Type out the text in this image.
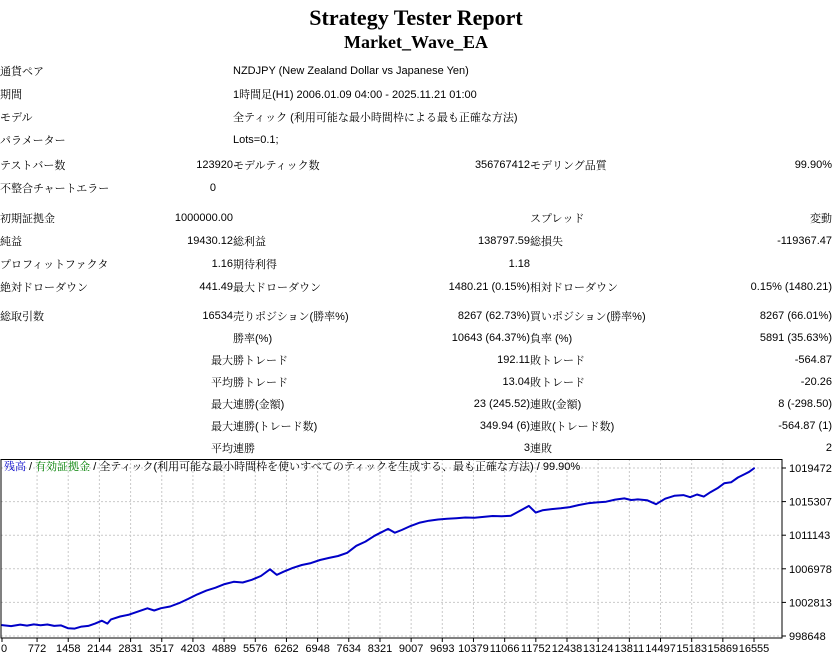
Strategy Tester Report
Market_Wave_EA
通貨ペア		NZDJPY (New Zealand Dollar vs Japanese Yen)			
期間		1時間足(H1) 2006.01.09 04:00 - 2025.11.21 01:00			
モデル		全ティック (利用可能な最小時間枠による最も正確な方法)			
パラメーター		Lots=0.1;			

テストバー数	123920	モデルティック数	356767412	モデリング品質	99.90%
不整合チャートエラー	0				

初期証拠金	1000000.00			スプレッド	変動
純益	19430.12	総利益	138797.59	総損失	-119367.47
プロフィットファクタ	1.16	期待利得	1.18		
絶対ドローダウン	441.49	最大ドローダウン	1480.21 (0.15%)	相対ドローダウン	0.15% (1480.21)

総取引数	16534	売りポジション(勝率%)	8267 (62.73%)	買いポジション(勝率%)	8267 (66.01%)
		勝率(%)	10643 (64.37%)	負率 (%)	5891 (35.63%)
	最大	勝トレード	192.11	敗トレード	-564.87
	平均	勝トレード	13.04	敗トレード	-20.26
	最大	連勝(金額)	23 (245.52)	連敗(金額)	8 (-298.50)
	最大	連勝(トレード数)	349.94 (6)	連敗(トレード数)	-564.87 (1)
	平均	連勝	3	連敗	2
残高 / 有効証拠金 / 全ティック(利用可能な最小時間枠を使いすべてのティックを生成する、最も正確な方法) / 99.90%	1019472
1015307
1011143
1006978
1002813
998648
0 772 1458 2144 2831 3517 4203 4889 5576 6262 6948 7634 8321 9007 9693 10379 11066 11752 12438 13124 13811 14497 15183 15869 16555
